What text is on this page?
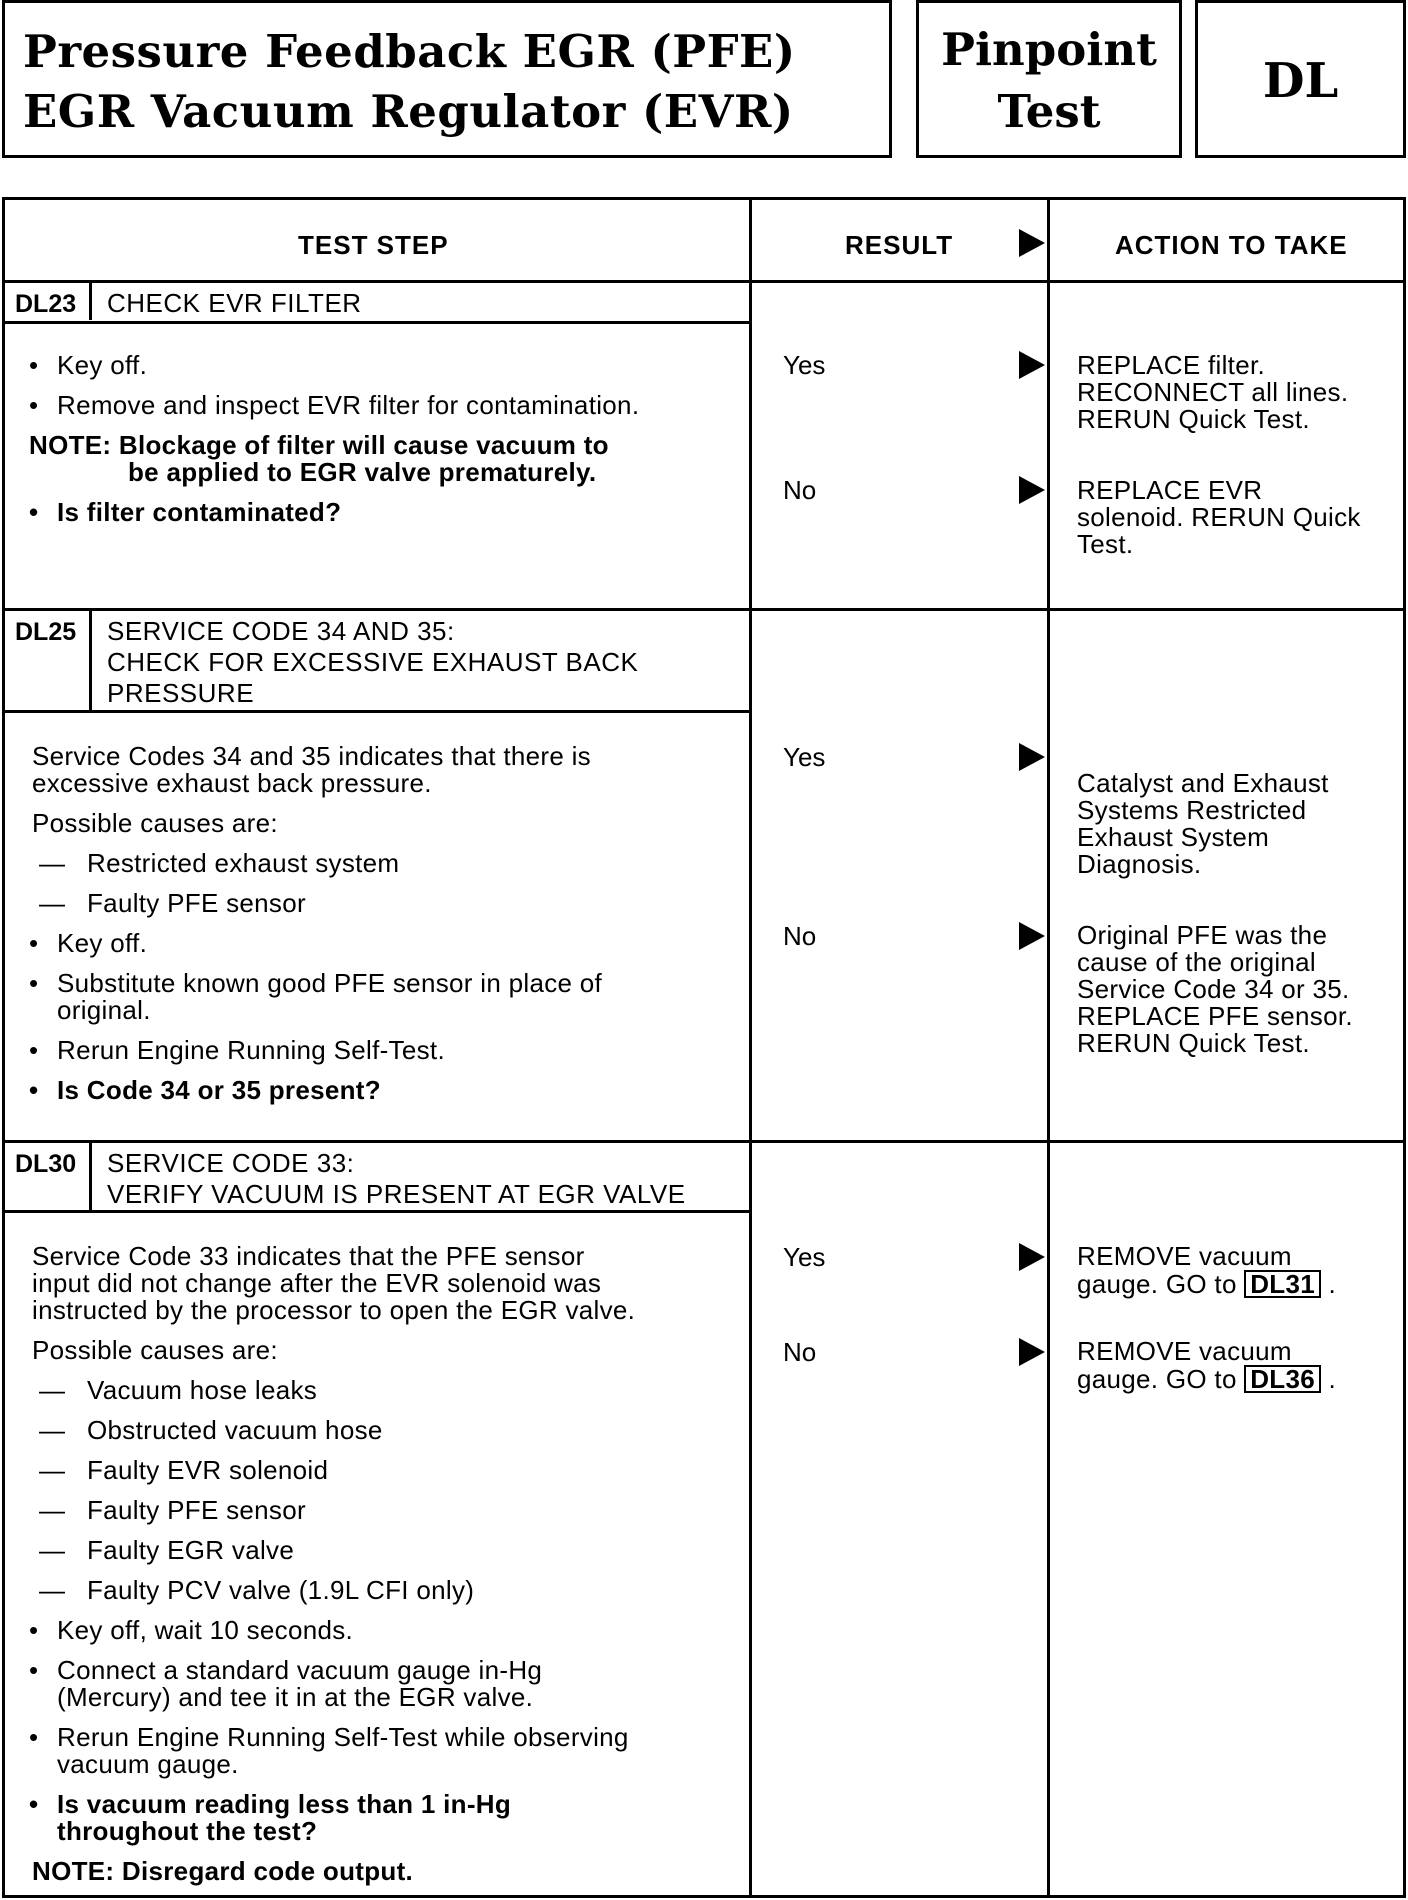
Pressure Feedback EGR (PFE)
EGR Vacuum Regulator (EVR)
Pinpoint
Test
DL
TEST STEP	RESULT	ACTION TO TAKE
DL23 CHECK EVR FILTER
• Key off.
• Remove and inspect EVR filter for contamination.
NOTE: Blockage of filter will cause vacuum to
be applied to EGR valve prematurely.
• Is filter contaminated?
Yes
No
REPLACE filter.
RECONNECT all lines.
RERUN Quick Test.
REPLACE EVR
solenoid. RERUN Quick
Test.
DL25 SERVICE CODE 34 AND 35:
CHECK FOR EXCESSIVE EXHAUST BACK
PRESSURE
Service Codes 34 and 35 indicates that there is
excessive exhaust back pressure.
Possible causes are:
— Restricted exhaust system
— Faulty PFE sensor
• Key off.
• Substitute known good PFE sensor in place of
original.
• Rerun Engine Running Self-Test.
• Is Code 34 or 35 present?
Yes
No
Catalyst and Exhaust
Systems Restricted
Exhaust System
Diagnosis.
Original PFE was the
cause of the original
Service Code 34 or 35.
REPLACE PFE sensor.
RERUN Quick Test.
DL30 SERVICE CODE 33:
VERIFY VACUUM IS PRESENT AT EGR VALVE
Service Code 33 indicates that the PFE sensor
input did not change after the EVR solenoid was
instructed by the processor to open the EGR valve.
Possible causes are:
— Vacuum hose leaks
— Obstructed vacuum hose
— Faulty EVR solenoid
— Faulty PFE sensor
— Faulty EGR valve
— Faulty PCV valve (1.9L CFI only)
• Key off, wait 10 seconds.
• Connect a standard vacuum gauge in-Hg
(Mercury) and tee it in at the EGR valve.
• Rerun Engine Running Self-Test while observing
vacuum gauge.
• Is vacuum reading less than 1 in-Hg
throughout the test?
NOTE: Disregard code output.
Yes
No
REMOVE vacuum
gauge. GO to DL31 .
REMOVE vacuum
gauge. GO to DL36 .
